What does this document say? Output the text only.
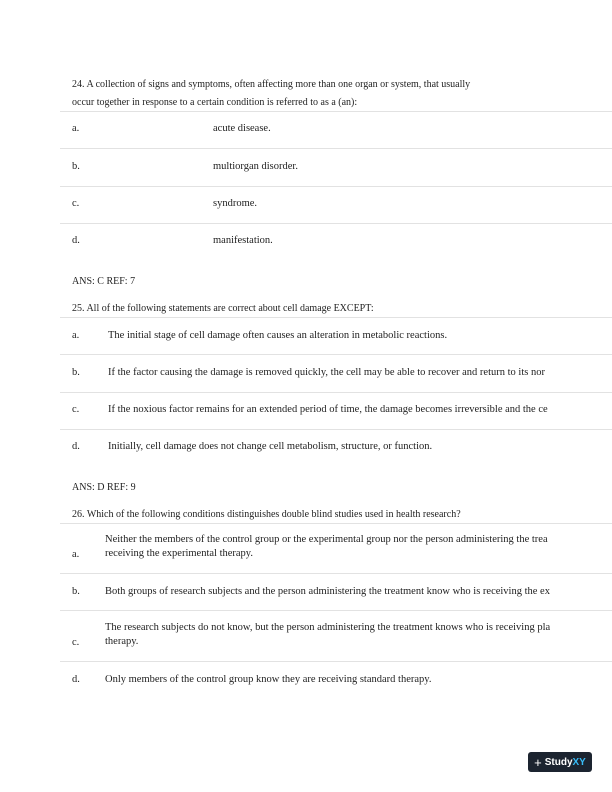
24. A collection of signs and symptoms, often affecting more than one organ or system, that usually
occur together in response to a certain condition is referred to as a (an):
a.	acute disease.
b.	multiorgan disorder.
c.	syndrome.
d.	manifestation.
ANS: C REF: 7
25. All of the following statements are correct about cell damage EXCEPT:
a.	The initial stage of cell damage often causes an alteration in metabolic reactions.
b.	If the factor causing the damage is removed quickly, the cell may be able to recover and return to its nor
c.	If the noxious factor remains for an extended period of time, the damage becomes irreversible and the ce
d.	Initially, cell damage does not change cell metabolism, structure, or function.
ANS: D REF: 9
26. Which of the following conditions distinguishes double blind studies used in health research?
Neither the members of the control group or the experimental group nor the person administering the trea
a. receiving the experimental therapy.
b. Both groups of research subjects and the person administering the treatment know who is receiving the ex
The research subjects do not know, but the person administering the treatment knows who is receiving pla
c. therapy.
d. Only members of the control group know they are receiving standard therapy.
+ StudyXY
